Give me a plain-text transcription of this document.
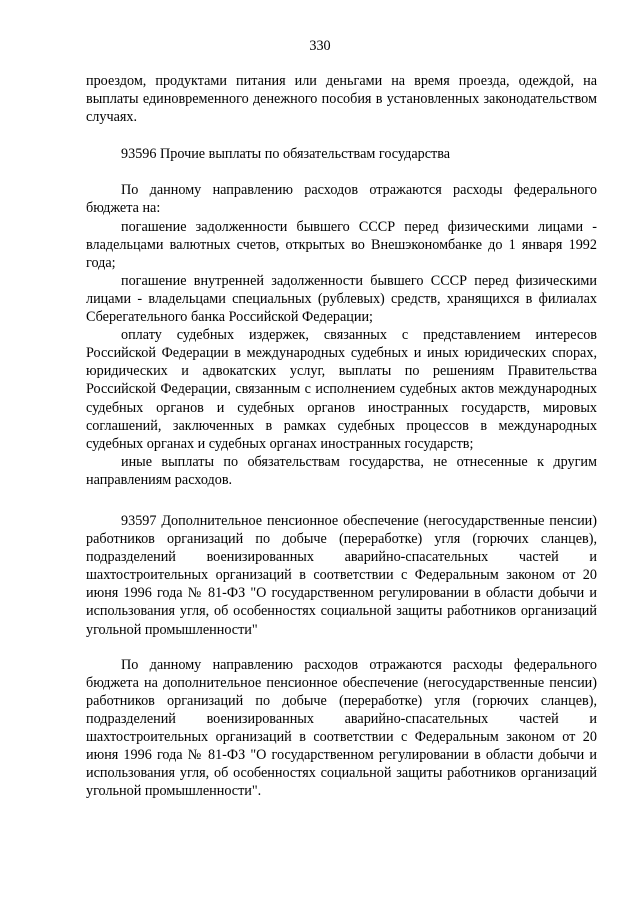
330

проездом, продуктами питания или деньгами на время проезда, одеждой, на выплаты единовременного денежного пособия в установленных законодательством случаях.

93596 Прочие выплаты по обязательствам государства

По данному направлению расходов отражаются расходы федерального бюджета на:

погашение задолженности бывшего СССР перед физическими лицами - владельцами валютных счетов, открытых во Внешэкономбанке до 1 января 1992 года;

погашение внутренней задолженности бывшего СССР перед физическими лицами - владельцами специальных (рублевых) средств, хранящихся в филиалах Сберегательного банка Российской Федерации;

оплату судебных издержек, связанных с представлением интересов Российской Федерации в международных судебных и иных юридических спорах, юридических и адвокатских услуг, выплаты по решениям Правительства Российской Федерации, связанным с исполнением судебных актов международных судебных органов и судебных органов иностранных государств, мировых соглашений, заключенных в рамках судебных процессов в международных судебных органах и судебных органах иностранных государств;

иные выплаты по обязательствам государства, не отнесенные к другим направлениям расходов.

93597 Дополнительное пенсионное обеспечение (негосударственные пенсии) работников организаций по добыче (переработке) угля (горючих сланцев), подразделений военизированных аварийно-спасательных частей и шахтостроительных организаций в соответствии с Федеральным законом от 20 июня 1996 года № 81-ФЗ "О государственном регулировании в области добычи и использования угля, об особенностях социальной защиты работников организаций угольной промышленности"

По данному направлению расходов отражаются расходы федерального бюджета на дополнительное пенсионное обеспечение (негосударственные пенсии) работников организаций по добыче (переработке) угля (горючих сланцев), подразделений военизированных аварийно-спасательных частей и шахтостроительных организаций в соответствии с Федеральным законом от 20 июня 1996 года № 81-ФЗ "О государственном регулировании в области добычи и использования угля, об особенностях социальной защиты работников организаций угольной промышленности".
